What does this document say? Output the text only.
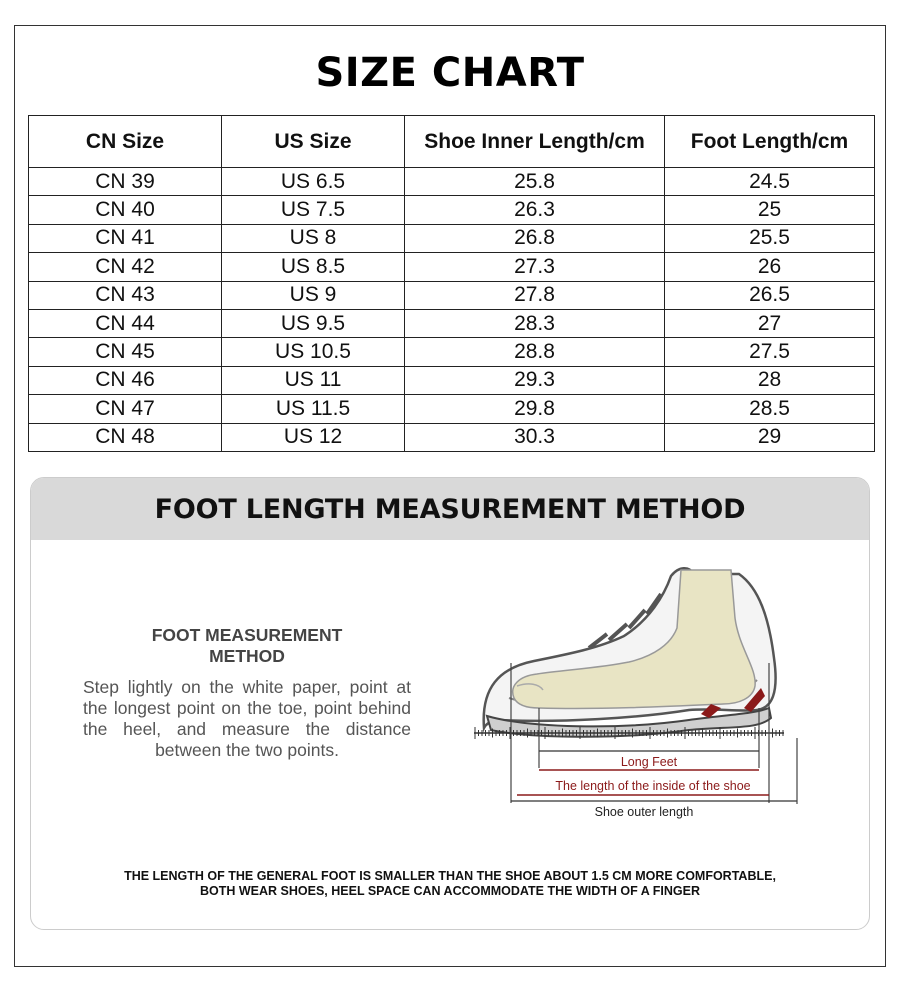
SIZE CHART
CN Size	US Size	Shoe Inner Length/cm	Foot Length/cm
CN 39	US 6.5	25.8	24.5
CN 40	US 7.5	26.3	25
CN 41	US 8	26.8	25.5
CN 42	US 8.5	27.3	26
CN 43	US 9	27.8	26.5
CN 44	US 9.5	28.3	27
CN 45	US 10.5	28.8	27.5
CN 46	US 11	29.3	28
CN 47	US 11.5	29.8	28.5
CN 48	US 12	30.3	29
FOOT LENGTH MEASUREMENT METHOD
FOOT MEASUREMENT
METHOD
Step lightly on the white paper, point at the longest point on the toe, point behind the heel, and measure the distance between the two points.
Long Feet
The length of the inside of the shoe
Shoe outer length
THE LENGTH OF THE GENERAL FOOT IS SMALLER THAN THE SHOE ABOUT 1.5 CM MORE COMFORTABLE,
BOTH WEAR SHOES, HEEL SPACE CAN ACCOMMODATE THE WIDTH OF A FINGER
